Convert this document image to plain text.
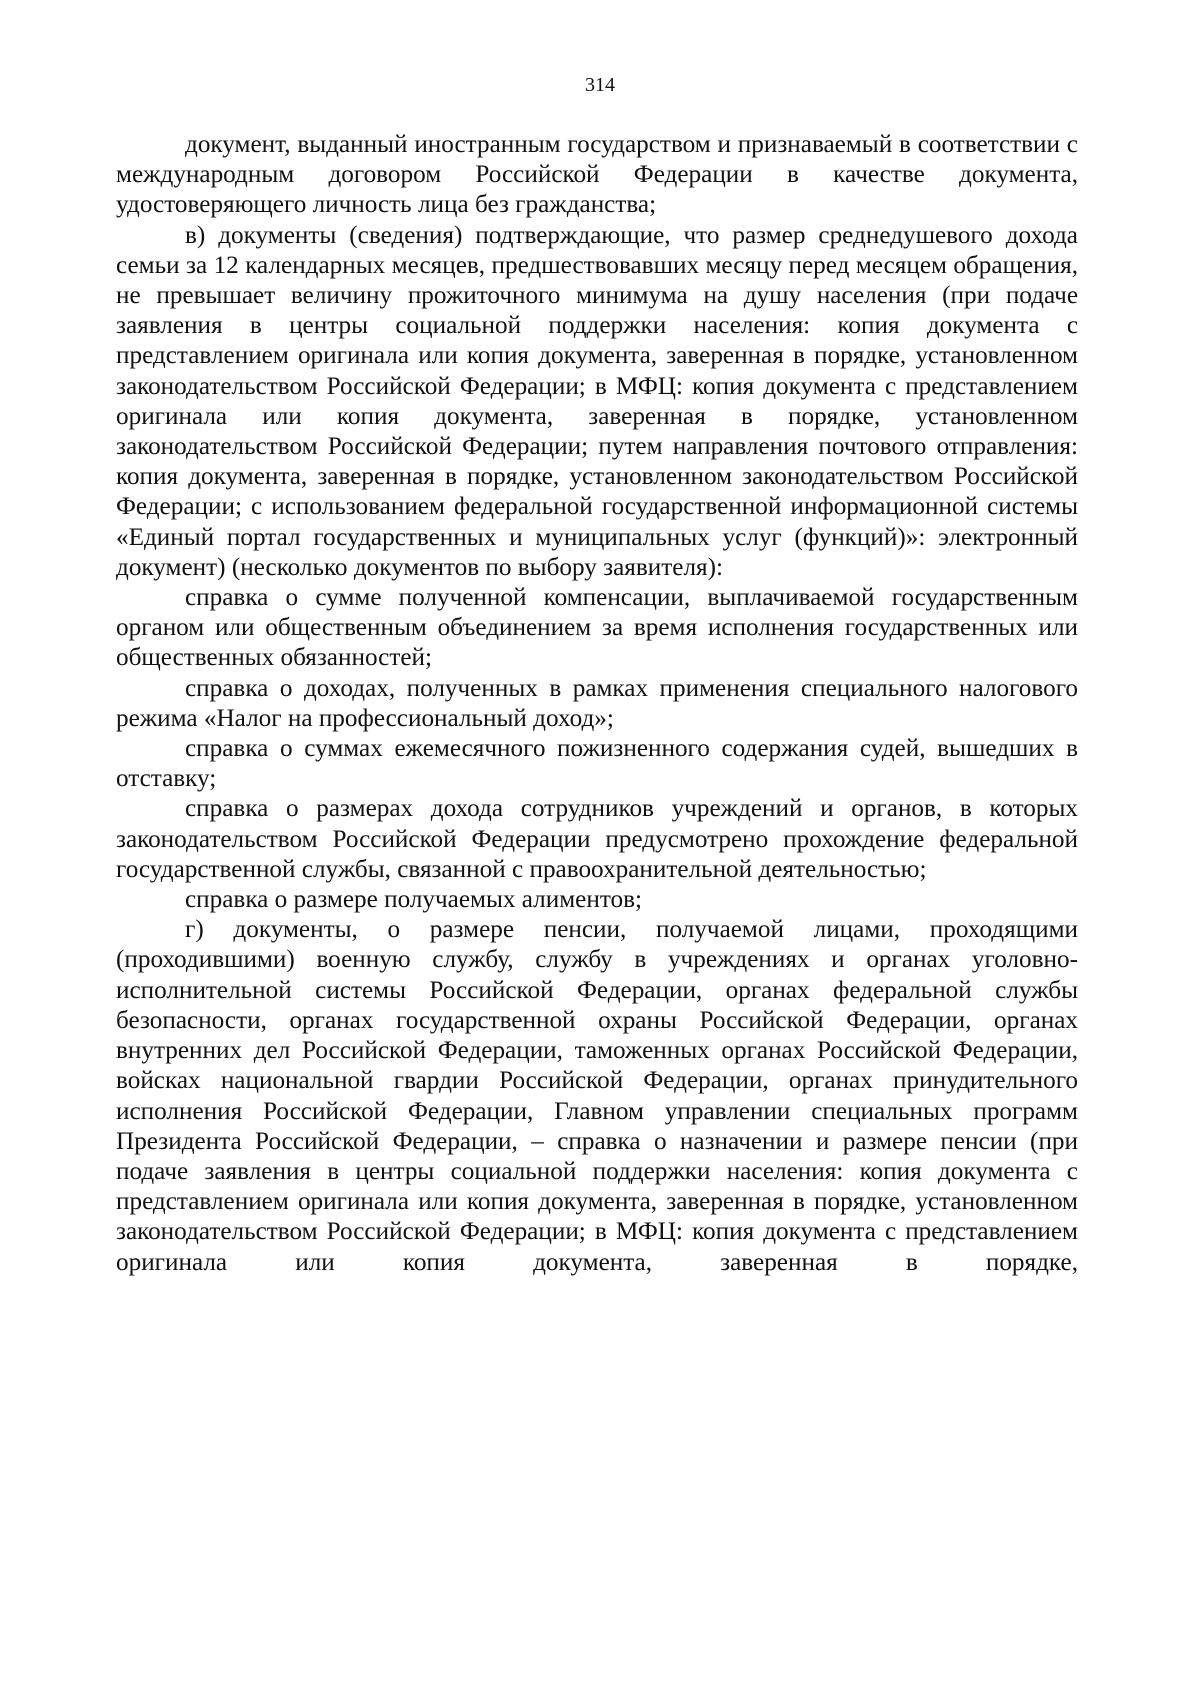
314

документ, выданный иностранным государством и признаваемый в соответствии с международным договором Российской Федерации в качестве документа, удостоверяющего личность лица без гражданства;

в) документы (сведения) подтверждающие, что размер среднедушевого дохода семьи за 12 календарных месяцев, предшествовавших месяцу перед месяцем обращения, не превышает величину прожиточного минимума на душу населения (при подаче заявления в центры социальной поддержки населения: копия документа с представлением оригинала или копия документа, заверенная в порядке, установленном законодательством Российской Федерации; в МФЦ: копия документа с представлением оригинала или копия документа, заверенная в порядке, установленном законодательством Российской Федерации; путем направления почтового отправления: копия документа, заверенная в порядке, установленном законодательством Российской Федерации; с использованием федеральной государственной информационной системы «Единый портал государственных и муниципальных услуг (функций)»: электронный документ) (несколько документов по выбору заявителя):

справка о сумме полученной компенсации, выплачиваемой государственным органом или общественным объединением за время исполнения государственных или общественных обязанностей;

справка о доходах, полученных в рамках применения специального налогового режима «Налог на профессиональный доход»;

справка о суммах ежемесячного пожизненного содержания судей, вышедших в отставку;

справка о размерах дохода сотрудников учреждений и органов, в которых законодательством Российской Федерации предусмотрено прохождение федеральной государственной службы, связанной с правоохранительной деятельностью;

справка о размере получаемых алиментов;

г) документы, о размере пенсии, получаемой лицами, проходящими (проходившими) военную службу, службу в учреждениях и органах уголовно-исполнительной системы Российской Федерации, органах федеральной службы безопасности, органах государственной охраны Российской Федерации, органах внутренних дел Российской Федерации, таможенных органах Российской Федерации, войсках национальной гвардии Российской Федерации, органах принудительного исполнения Российской Федерации, Главном управлении специальных программ Президента Российской Федерации, – справка о назначении и размере пенсии (при подаче заявления в центры социальной поддержки населения: копия документа с представлением оригинала или копия документа, заверенная в порядке, установленном законодательством Российской Федерации; в МФЦ: копия документа с представлением оригинала или копия документа, заверенная в порядке,
